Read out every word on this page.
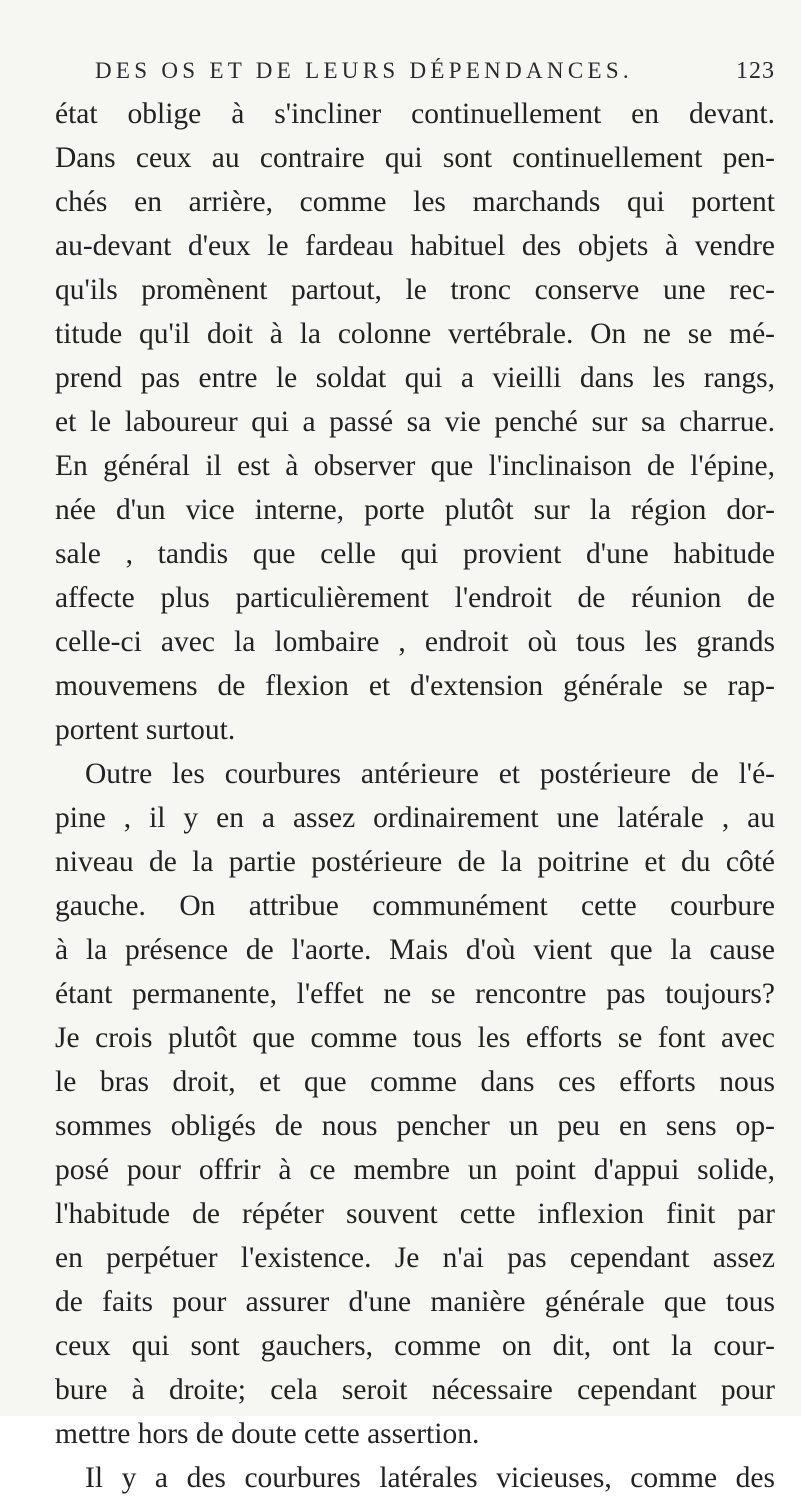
DES OS ET DE LEURS DÉPENDANCES.	123
état oblige à s'incliner continuellement en devant.
Dans ceux au contraire qui sont continuellement pen-
chés en arrière, comme les marchands qui portent
au-devant d'eux le fardeau habituel des objets à vendre
qu'ils promènent partout, le tronc conserve une rec-
titude qu'il doit à la colonne vertébrale. On ne se mé-
prend pas entre le soldat qui a vieilli dans les rangs,
et le laboureur qui a passé sa vie penché sur sa charrue.
En général il est à observer que l'inclinaison de l'épine,
née d'un vice interne, porte plutôt sur la région dor-
sale , tandis que celle qui provient d'une habitude
affecte plus particulièrement l'endroit de réunion de
celle-ci avec la lombaire , endroit où tous les grands
mouvemens de flexion et d'extension générale se rap-
portent surtout.
Outre les courbures antérieure et postérieure de l'é-
pine , il y en a assez ordinairement une latérale , au
niveau de la partie postérieure de la poitrine et du côté
gauche. On attribue communément cette courbure
à la présence de l'aorte. Mais d'où vient que la cause
étant permanente, l'effet ne se rencontre pas toujours?
Je crois plutôt que comme tous les efforts se font avec
le bras droit, et que comme dans ces efforts nous
sommes obligés de nous pencher un peu en sens op-
posé pour offrir à ce membre un point d'appui solide,
l'habitude de répéter souvent cette inflexion finit par
en perpétuer l'existence. Je n'ai pas cependant assez
de faits pour assurer d'une manière générale que tous
ceux qui sont gauchers, comme on dit, ont la cour-
bure à droite; cela seroit nécessaire cependant pour
mettre hors de doute cette assertion.
Il y a des courbures latérales vicieuses, comme des
